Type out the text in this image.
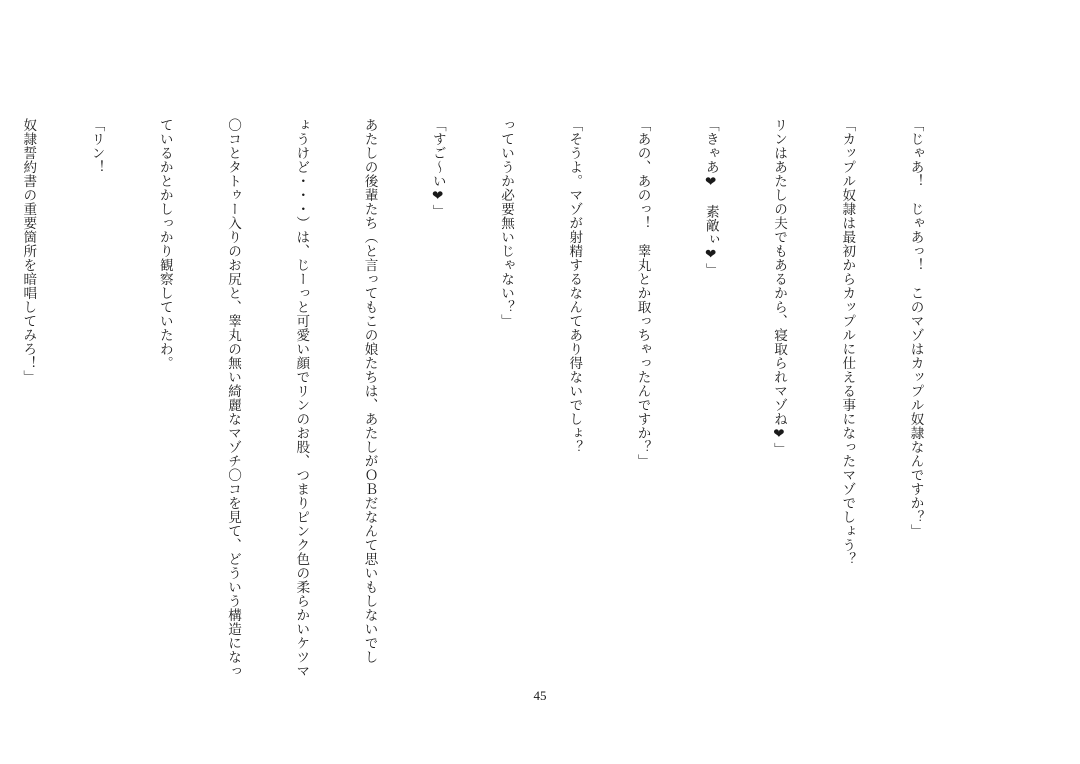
「じゃあ！　じゃあっ！　このマゾはカップル奴隷なんですか？」

「カップル奴隷は最初からカップルに仕える事になったマゾでしょう？

リンはあたしの夫でもあるから、寝取られマゾね❤」

「きゃあ❤　素敵ぃ❤」

「あの、あのっ！　睾丸とか取っちゃったんですか？」

「そうよ。マゾが射精するなんてあり得ないでしょ？

っていうか必要無いじゃない？」

「すご～い❤」

あたしの後輩たち（と言ってもこの娘たちは、あたしがＯＢだなんて思いもしないでし

ょうけど・・・）は、じーっと可愛い顔でリンのお股、つまりピンク色の柔らかいケツマ

〇コとタトゥー入りのお尻と、睾丸の無い綺麗なマゾチ〇コを見て、どういう構造になっ

ているかとかしっかり観察していたわ。

「リン！

奴隷誓約書の重要箇所を暗唱してみろ！」

45
